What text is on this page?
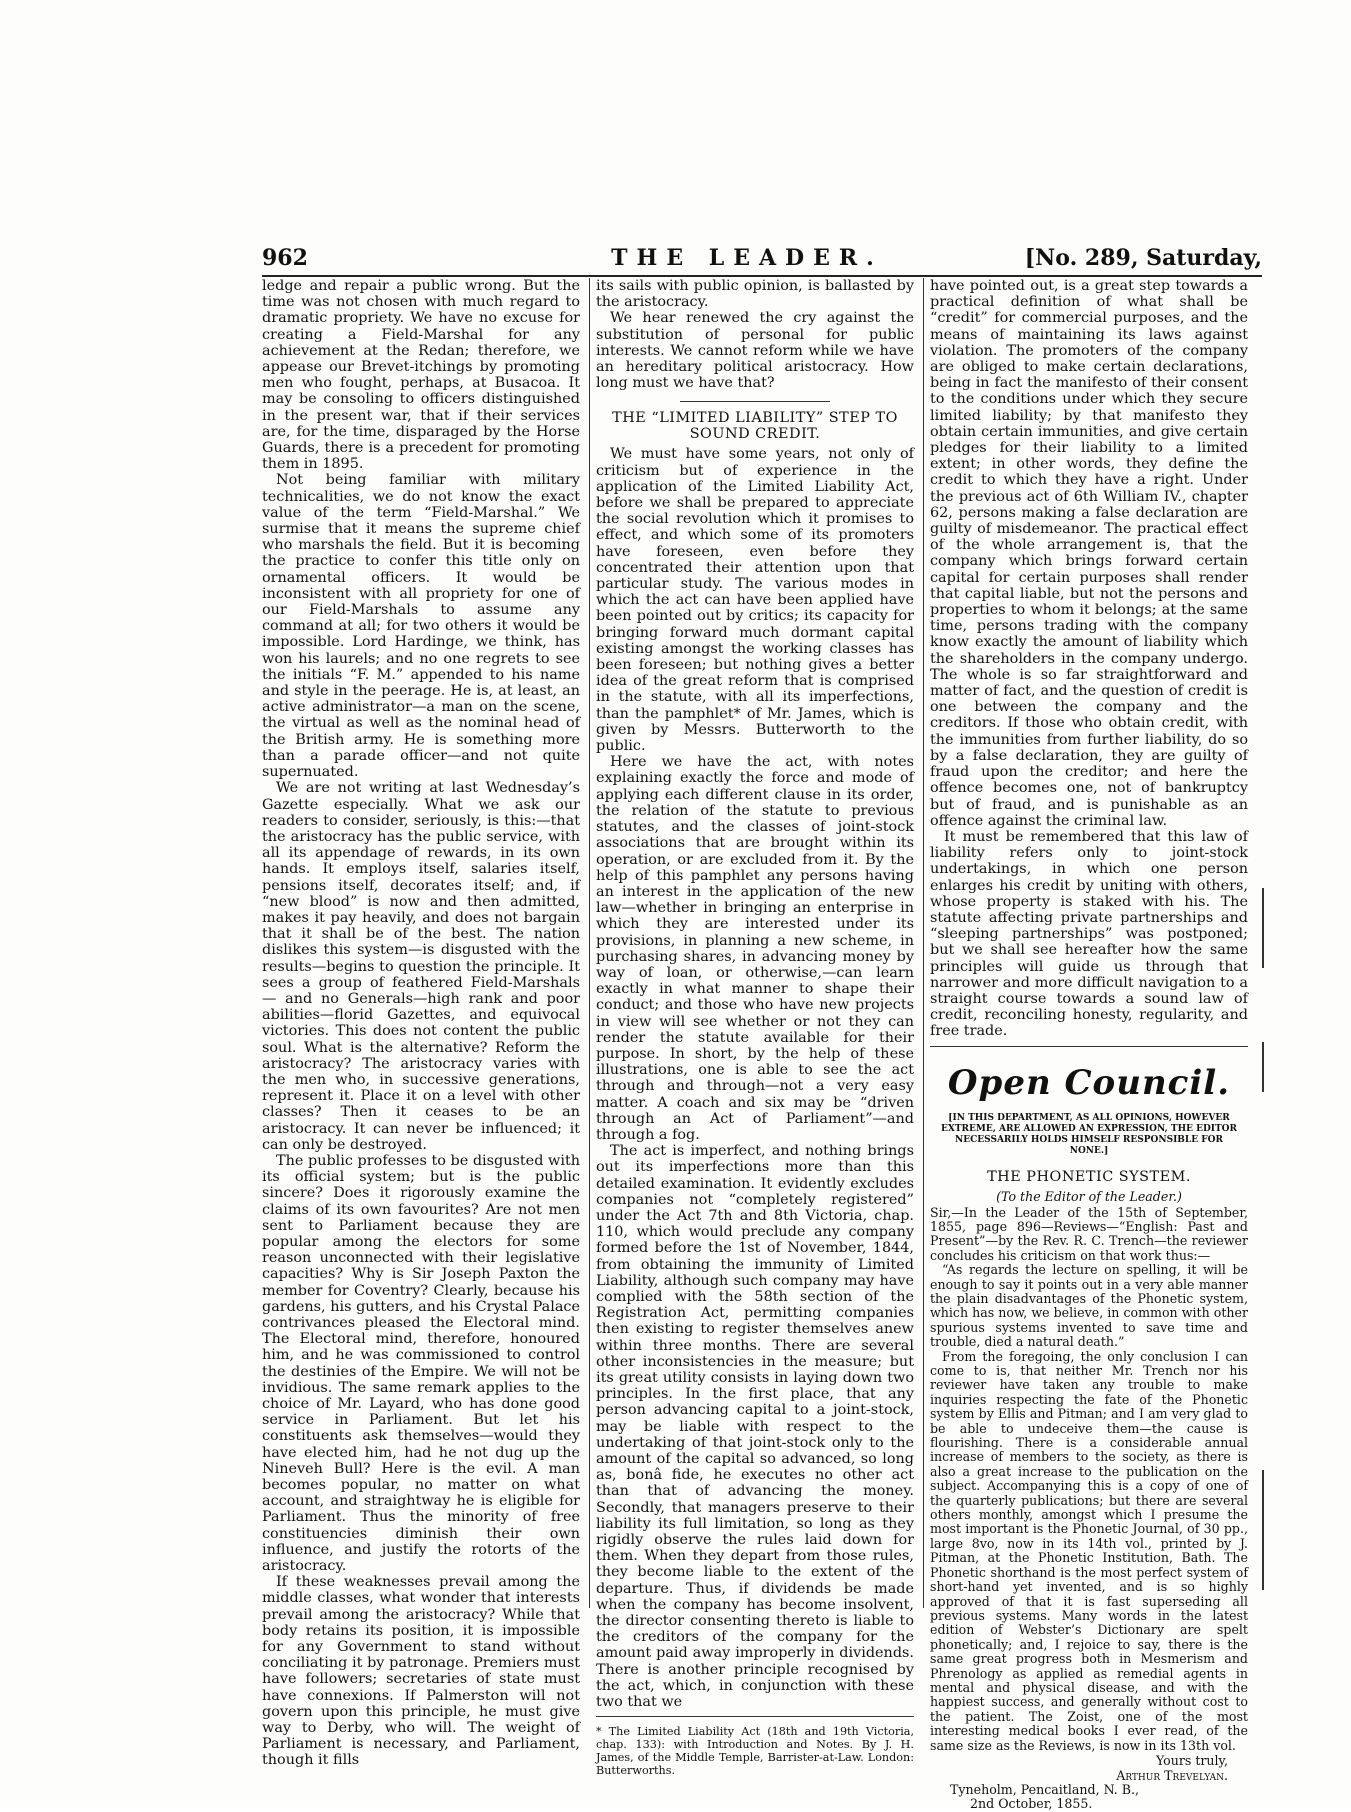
962	THE LEADER.	[No. 289, Saturday,

ledge and repair a public wrong. But the time was not chosen with much regard to dramatic propriety. We have no excuse for creating a Field-Marshal for any achievement at the Redan; therefore, we appease our Brevet-itchings by promoting men who fought, perhaps, at Busacoa. It may be consoling to officers distinguished in the present war, that if their services are, for the time, disparaged by the Horse Guards, there is a precedent for promoting them in 1895.

Not being familiar with military technicalities, we do not know the exact value of the term “Field-Marshal.” We surmise that it means the supreme chief who marshals the field. But it is becoming the practice to confer this title only on ornamental officers. It would be inconsistent with all propriety for one of our Field-Marshals to assume any command at all; for two others it would be impossible. Lord Hardinge, we think, has won his laurels; and no one regrets to see the initials “F. M.” appended to his name and style in the peerage. He is, at least, an active administrator—a man on the scene, the virtual as well as the nominal head of the British army. He is something more than a parade officer—and not quite supernuated.

We are not writing at last Wednesday’s Gazette especially. What we ask our readers to consider, seriously, is this:—that the aristocracy has the public service, with all its appendage of rewards, in its own hands. It employs itself, salaries itself, pensions itself, decorates itself; and, if “new blood” is now and then admitted, makes it pay heavily, and does not bargain that it shall be of the best. The nation dislikes this system—is disgusted with the results—begins to question the principle. It sees a group of feathered Field-Marshals — and no Generals—high rank and poor abilities—florid Gazettes, and equivocal victories. This does not content the public soul. What is the alternative? Reform the aristocracy? The aristocracy varies with the men who, in successive generations, represent it. Place it on a level with other classes? Then it ceases to be an aristocracy. It can never be influenced; it can only be destroyed.

The public professes to be disgusted with its official system; but is the public sincere? Does it rigorously examine the claims of its own favourites? Are not men sent to Parliament because they are popular among the electors for some reason unconnected with their legislative capacities? Why is Sir Joseph Paxton the member for Coventry? Clearly, because his gardens, his gutters, and his Crystal Palace contrivances pleased the Electoral mind. The Electoral mind, therefore, honoured him, and he was commissioned to control the destinies of the Empire. We will not be invidious. The same remark applies to the choice of Mr. Layard, who has done good service in Parliament. But let his constituents ask themselves—would they have elected him, had he not dug up the Nineveh Bull? Here is the evil. A man becomes popular, no matter on what account, and straightway he is eligible for Parliament. Thus the minority of free constituencies diminish their own influence, and justify the rotorts of the aristocracy.

If these weaknesses prevail among the middle classes, what wonder that interests prevail among the aristocracy? While that body retains its position, it is impossible for any Government to stand without conciliating it by patronage. Premiers must have followers; secretaries of state must have connexions. If Palmerston will not govern upon this principle, he must give way to Derby, who will. The weight of Parliament is necessary, and Parliament, though it fills

its sails with public opinion, is ballasted by the aristocracy.

We hear renewed the cry against the substitution of personal for public interests. We cannot reform while we have an hereditary political aristocracy. How long must we have that?

THE “LIMITED LIABILITY” STEP TO SOUND CREDIT.

We must have some years, not only of criticism but of experience in the application of the Limited Liability Act, before we shall be prepared to appreciate the social revolution which it promises to effect, and which some of its promoters have foreseen, even before they concentrated their attention upon that particular study. The various modes in which the act can have been applied have been pointed out by critics; its capacity for bringing forward much dormant capital existing amongst the working classes has been foreseen; but nothing gives a better idea of the great reform that is comprised in the statute, with all its imperfections, than the pamphlet* of Mr. James, which is given by Messrs. Butterworth to the public.

Here we have the act, with notes explaining exactly the force and mode of applying each different clause in its order, the relation of the statute to previous statutes, and the classes of joint-stock associations that are brought within its operation, or are excluded from it. By the help of this pamphlet any persons having an interest in the application of the new law—whether in bringing an enterprise in which they are interested under its provisions, in planning a new scheme, in purchasing shares, in advancing money by way of loan, or otherwise,—can learn exactly in what manner to shape their conduct; and those who have new projects in view will see whether or not they can render the statute available for their purpose. In short, by the help of these illustrations, one is able to see the act through and through—not a very easy matter. A coach and six may be “driven through an Act of Parliament”—and through a fog.

The act is imperfect, and nothing brings out its imperfections more than this detailed examination. It evidently excludes companies not “completely registered” under the Act 7th and 8th Victoria, chap. 110, which would preclude any company formed before the 1st of November, 1844, from obtaining the immunity of Limited Liability, although such company may have complied with the 58th section of the Registration Act, permitting companies then existing to register themselves anew within three months. There are several other inconsistencies in the measure; but its great utility consists in laying down two principles. In the first place, that any person advancing capital to a joint-stock, may be liable with respect to the undertaking of that joint-stock only to the amount of the capital so advanced, so long as, bonâ fide, he executes no other act than that of advancing the money. Secondly, that managers preserve to their liability its full limitation, so long as they rigidly observe the rules laid down for them. When they depart from those rules, they become liable to the extent of the departure. Thus, if dividends be made when the company has become insolvent, the director consenting thereto is liable to the creditors of the company for the amount paid away improperly in dividends. There is another principle recognised by the act, which, in conjunction with these two that we

* The Limited Liability Act (18th and 19th Victoria, chap. 133): with Introduction and Notes. By J. H. James, of the Middle Temple, Barrister-at-Law. London: Butterworths.

have pointed out, is a great step towards a practical definition of what shall be “credit” for commercial purposes, and the means of maintaining its laws against violation. The promoters of the company are obliged to make certain declarations, being in fact the manifesto of their consent to the conditions under which they secure limited liability; by that manifesto they obtain certain immunities, and give certain pledges for their liability to a limited extent; in other words, they define the credit to which they have a right. Under the previous act of 6th William IV., chapter 62, persons making a false declaration are guilty of misdemeanor. The practical effect of the whole arrangement is, that the company which brings forward certain capital for certain purposes shall render that capital liable, but not the persons and properties to whom it belongs; at the same time, persons trading with the company know exactly the amount of liability which the shareholders in the company undergo. The whole is so far straightforward and matter of fact, and the question of credit is one between the company and the creditors. If those who obtain credit, with the immunities from further liability, do so by a false declaration, they are guilty of fraud upon the creditor; and here the offence becomes one, not of bankruptcy but of fraud, and is punishable as an offence against the criminal law.

It must be remembered that this law of liability refers only to joint-stock undertakings, in which one person enlarges his credit by uniting with others, whose property is staked with his. The statute affecting private partnerships and “sleeping partnerships” was postponed; but we shall see hereafter how the same principles will guide us through that narrower and more difficult navigation to a straight course towards a sound law of credit, reconciling honesty, regularity, and free trade.

Open Council.

[IN THIS DEPARTMENT, AS ALL OPINIONS, HOWEVER EXTREME, ARE ALLOWED AN EXPRESSION, THE EDITOR NECESSARILY HOLDS HIMSELF RESPONSIBLE FOR NONE.]

THE PHONETIC SYSTEM.

(To the Editor of the Leader.)

Sir,—In the Leader of the 15th of September, 1855, page 896—Reviews—“English: Past and Present”—by the Rev. R. C. Trench—the reviewer concludes his criticism on that work thus:—

“As regards the lecture on spelling, it will be enough to say it points out in a very able manner the plain disadvantages of the Phonetic system, which has now, we believe, in common with other spurious systems invented to save time and trouble, died a natural death.”

From the foregoing, the only conclusion I can come to is, that neither Mr. Trench nor his reviewer have taken any trouble to make inquiries respecting the fate of the Phonetic system by Ellis and Pitman; and I am very glad to be able to undeceive them—the cause is flourishing. There is a considerable annual increase of members to the society, as there is also a great increase to the publication on the subject. Accompanying this is a copy of one of the quarterly publications; but there are several others monthly, amongst which I presume the most important is the Phonetic Journal, of 30 pp., large 8vo, now in its 14th vol., printed by J. Pitman, at the Phonetic Institution, Bath. The Phonetic shorthand is the most perfect system of short-hand yet invented, and is so highly approved of that it is fast superseding all previous systems. Many words in the latest edition of Webster’s Dictionary are spelt phonetically; and, I rejoice to say, there is the same great progress both in Mesmerism and Phrenology as applied as remedial agents in mental and physical disease, and with the happiest success, and generally without cost to the patient. The Zoist, one of the most interesting medical books I ever read, of the same size as the Reviews, is now in its 13th vol.

Yours truly,

Arthur Trevelyan.

Tyneholm, Pencaitland, N. B.,

2nd October, 1855.
